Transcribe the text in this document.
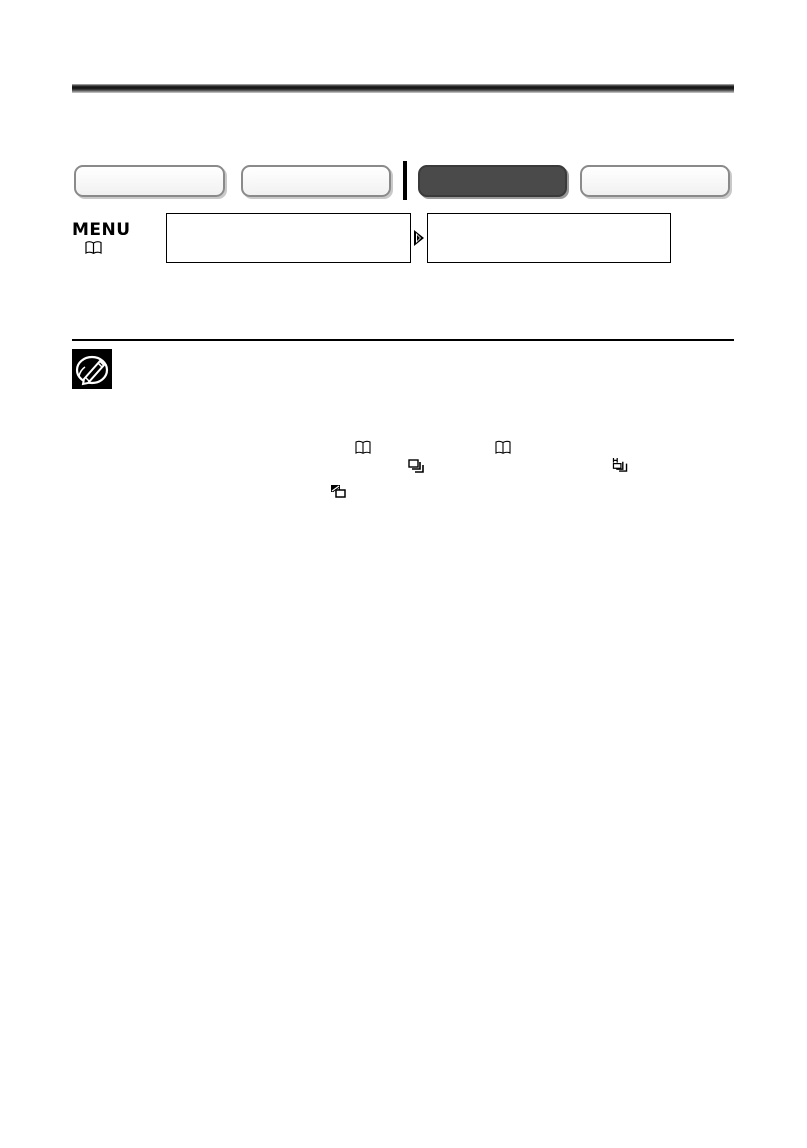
MENU
